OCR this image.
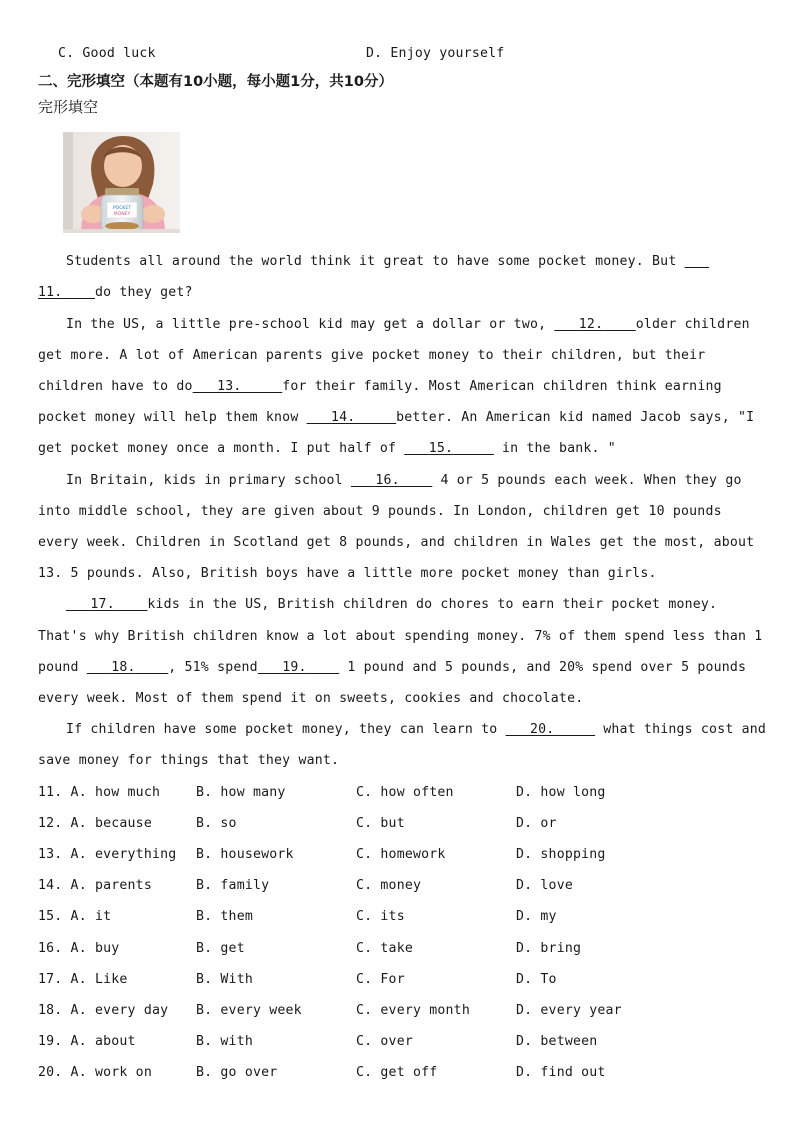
C. Good luck	D. Enjoy yourself
二、完形填空（本题有10小题，每小题1分，共10分）
完形填空
POCKET
MONEY
Students all around the world think it great to have some pocket money. But
11. do they get?
In the US, a little pre-school kid may get a dollar or two, 12. older children
get more. A lot of American parents give pocket money to their children, but their
children have to do 13.	for their family. Most American children think earning
pocket money will help them know 14.	better. An American kid named Jacob says, "I
get pocket money once a month. I put half of 15.	in the bank. "
In Britain, kids in primary school 16.	4 or 5 pounds each week. When they go
into middle school, they are given about 9 pounds. In London, children get 10 pounds
every week. Children in Scotland get 8 pounds, and children in Wales get the most, about
13. 5 pounds. Also, British boys have a little more pocket money than girls.
17. kids in the US, British children do chores to earn their pocket money.
That's why British children know a lot about spending money. 7% of them spend less than 1
pound 18. , 51% spend 19.	1 pound and 5 pounds, and 20% spend over 5 pounds
every week. Most of them spend it on sweets, cookies and chocolate.
If children have some pocket money, they can learn to 20.	what things cost and
save money for things that they want.
11. A. how much	B. how many	C. how often	D. how long
12. A. because	B. so	C. but	D. or
13. A. everything B. housework	C. homework	D. shopping
14. A. parents	B. family	C. money	D. love
15. A. it	B. them	C. its	D. my
16. A. buy	B. get	C. take	D. bring
17. A. Like	B. With	C. For	D. To
18. A. every day B. every week	C. every month	D. every year
19. A. about	B. with	C. over	D. between
20. A. work on	B. go over	C. get off	D. find out
